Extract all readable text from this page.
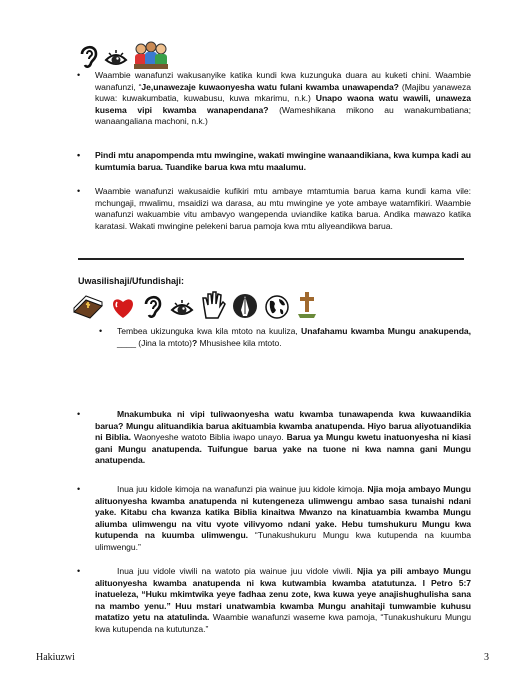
• Waambie wanafunzi wakusanyike katika kundi kwa kuzunguka duara au kuketi chini. Waambie wanafunzi, “Je,unawezaje kuwaonyesha watu fulani kwamba unawapenda? (Majibu yanaweza kuwa: kuwakumbatia, kuwabusu, kuwa mkarimu, n.k.) Unapo waona watu wawili, unaweza kusema vipi kwamba wanapendana? (Wameshikana mikono au wanakumbatiana; wanaangaliana machoni, n.k.)
• Pindi mtu anapompenda mtu mwingine, wakati mwingine wanaandikiana, kwa kumpa kadi au kumtumia barua. Tuandike barua kwa mtu maalumu.
• Waambie wanafunzi wakusaidie kufikiri mtu ambaye mtamtumia barua kama kundi kama vile: mchungaji, mwalimu, msaidizi wa darasa, au mtu mwingine ye yote ambaye watamfikiri. Waambie wanafunzi wakuambie vitu ambavyo wangependa uviandike katika barua. Andika mawazo katika karatasi. Wakati mwingine pelekeni barua pamoja kwa mtu aliyeandikwa barua.
Uwasilishaji/Ufundishaji:
• Tembea ukizunguka kwa kila mtoto na kuuliza, Unafahamu kwamba Mungu anakupenda, ____ (Jina la mtoto)? Mhusishee kila mtoto.
•	Mnakumbuka ni vipi tuliwaonyesha watu kwamba tunawapenda kwa kuwaandikia barua? Mungu alituandikia barua akituambia kwamba anatupenda. Hiyo barua aliyotuandikia ni Biblia. Waonyeshe watoto Biblia iwapo unayo. Barua ya Mungu kwetu inatuonyesha ni kiasi gani Mungu anatupenda. Tuifungue barua yake na tuone ni kwa namna gani Mungu anatupenda.
•	Inua juu kidole kimoja na wanafunzi pia wainue juu kidole kimoja. Njia moja ambayo Mungu alituonyesha kwamba anatupenda ni kutengeneza ulimwengu ambao sasa tunaishi ndani yake. Kitabu cha kwanza katika Biblia kinaitwa Mwanzo na kinatuambia kwamba Mungu aliumba ulimwengu na vitu vyote vilivyomo ndani yake. Hebu tumshukuru Mungu kwa kutupenda na kuumba ulimwengu. “Tunakushukuru Mungu kwa kutupenda na kuumba ulimwengu.”
•	Inua juu vidole viwili na watoto pia wainue juu vidole viwili. Njia ya pili ambayo Mungu alituonyesha kwamba anatupenda ni kwa kutwambia kwamba atatutunza. I Petro 5:7 inatueleza, “Huku mkimtwika yeye fadhaa zenu zote, kwa kuwa yeye anajishughulisha sana na mambo yenu.” Huu mstari unatwambia kwamba Mungu anahitaji tumwambie kuhusu matatizo yetu na atatulinda. Waambie wanafunzi waseme kwa pamoja, “Tunakushukuru Mungu kwa kutupenda na kututunza.”
Hakiuzwi	3
